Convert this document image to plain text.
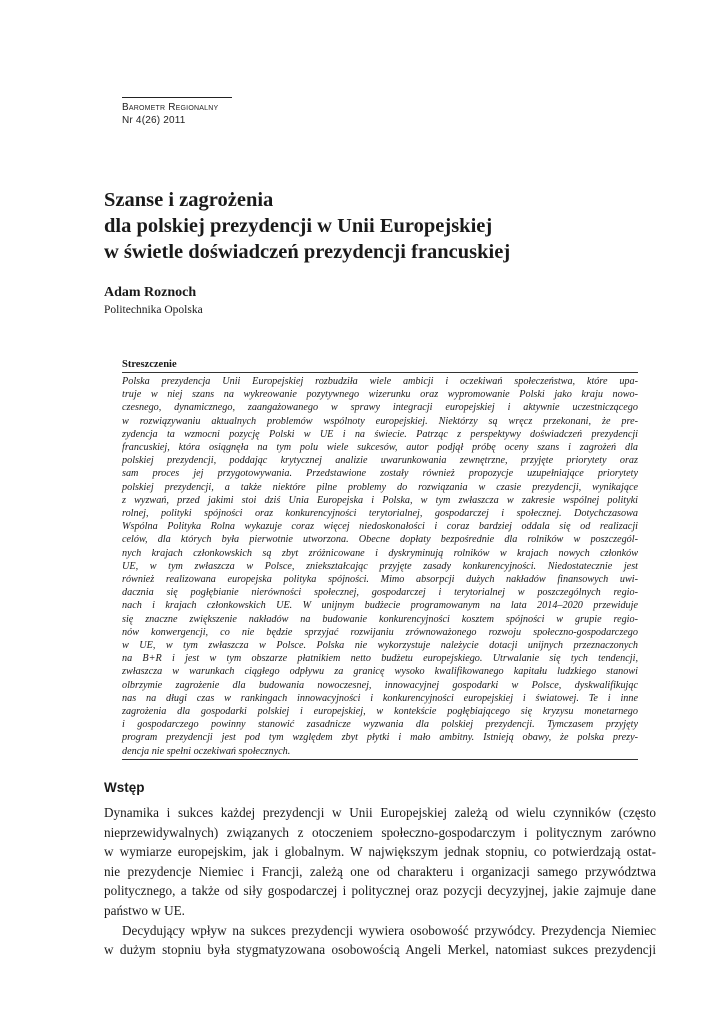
Barometr Regionalny
Nr 4(26) 2011
Szanse i zagrożenia
dla polskiej prezydencji w Unii Europejskiej
w świetle doświadczeń prezydencji francuskiej
Adam Roznoch
Politechnika Opolska
Streszczenie
Polska prezydencja Unii Europejskiej rozbudziła wiele ambicji i oczekiwań społeczeństwa, które upa-
truje w niej szans na wykreowanie pozytywnego wizerunku oraz wypromowanie Polski jako kraju nowo-
czesnego, dynamicznego, zaangażowanego w sprawy integracji europejskiej i aktywnie uczestniczącego
w rozwiązywaniu aktualnych problemów wspólnoty europejskiej. Niektórzy są wręcz przekonani, że pre-
zydencja ta wzmocni pozycję Polski w UE i na świecie. Patrząc z perspektywy doświadczeń prezydencji
francuskiej, która osiągnęła na tym polu wiele sukcesów, autor podjął próbę oceny szans i zagrożeń dla
polskiej prezydencji, poddając krytycznej analizie uwarunkowania zewnętrzne, przyjęte priorytety oraz
sam proces jej przygotowywania. Przedstawione zostały również propozycje uzupełniające priorytety
polskiej prezydencji, a także niektóre pilne problemy do rozwiązania w czasie prezydencji, wynikające
z wyzwań, przed jakimi stoi dziś Unia Europejska i Polska, w tym zwłaszcza w zakresie wspólnej polityki
rolnej, polityki spójności oraz konkurencyjności terytorialnej, gospodarczej i społecznej. Dotychczasowa
Wspólna Polityka Rolna wykazuje coraz więcej niedoskonałości i coraz bardziej oddala się od realizacji
celów, dla których była pierwotnie utworzona. Obecne dopłaty bezpośrednie dla rolników w poszczegól-
nych krajach członkowskich są zbyt zróżnicowane i dyskryminują rolników w krajach nowych członków
UE, w tym zwłaszcza w Polsce, zniekształcając przyjęte zasady konkurencyjności. Niedostatecznie jest
również realizowana europejska polityka spójności. Mimo absorpcji dużych nakładów finansowych uwi-
dacznia się pogłębianie nierówności społecznej, gospodarczej i terytorialnej w poszczególnych regio-
nach i krajach członkowskich UE. W unijnym budżecie programowanym na lata 2014–2020 przewiduje
się znaczne zwiększenie nakładów na budowanie konkurencyjności kosztem spójności w grupie regio-
nów konwergencji, co nie będzie sprzyjać rozwijaniu zrównoważonego rozwoju społeczno-gospodarczego
w UE, w tym zwłaszcza w Polsce. Polska nie wykorzystuje należycie dotacji unijnych przeznaczonych
na B+R i jest w tym obszarze płatnikiem netto budżetu europejskiego. Utrwalanie się tych tendencji,
zwłaszcza w warunkach ciągłego odpływu za granicę wysoko kwalifikowanego kapitału ludzkiego stanowi
olbrzymie zagrożenie dla budowania nowoczesnej, innowacyjnej gospodarki w Polsce, dyskwalifikując
nas na długi czas w rankingach innowacyjności i konkurencyjności europejskiej i światowej. Te i inne
zagrożenia dla gospodarki polskiej i europejskiej, w kontekście pogłębiającego się kryzysu monetarnego
i gospodarczego powinny stanowić zasadnicze wyzwania dla polskiej prezydencji. Tymczasem przyjęty
program prezydencji jest pod tym względem zbyt płytki i mało ambitny. Istnieją obawy, że polska prezy-
dencja nie spełni oczekiwań społecznych.
Wstęp
Dynamika i sukces każdej prezydencji w Unii Europejskiej zależą od wielu czynników (często
nieprzewidywalnych) związanych z otoczeniem społeczno-gospodarczym i politycznym zarówno
w wymiarze europejskim, jak i globalnym. W największym jednak stopniu, co potwierdzają ostat-
nie prezydencje Niemiec i Francji, zależą one od charakteru i organizacji samego przywództwa
politycznego, a także od siły gospodarczej i politycznej oraz pozycji decyzyjnej, jakie zajmuje dane
państwo w UE.
Decydujący wpływ na sukces prezydencji wywiera osobowość przywódcy. Prezydencja Niemiec
w dużym stopniu była stygmatyzowana osobowością Angeli Merkel, natomiast sukces prezydencji
